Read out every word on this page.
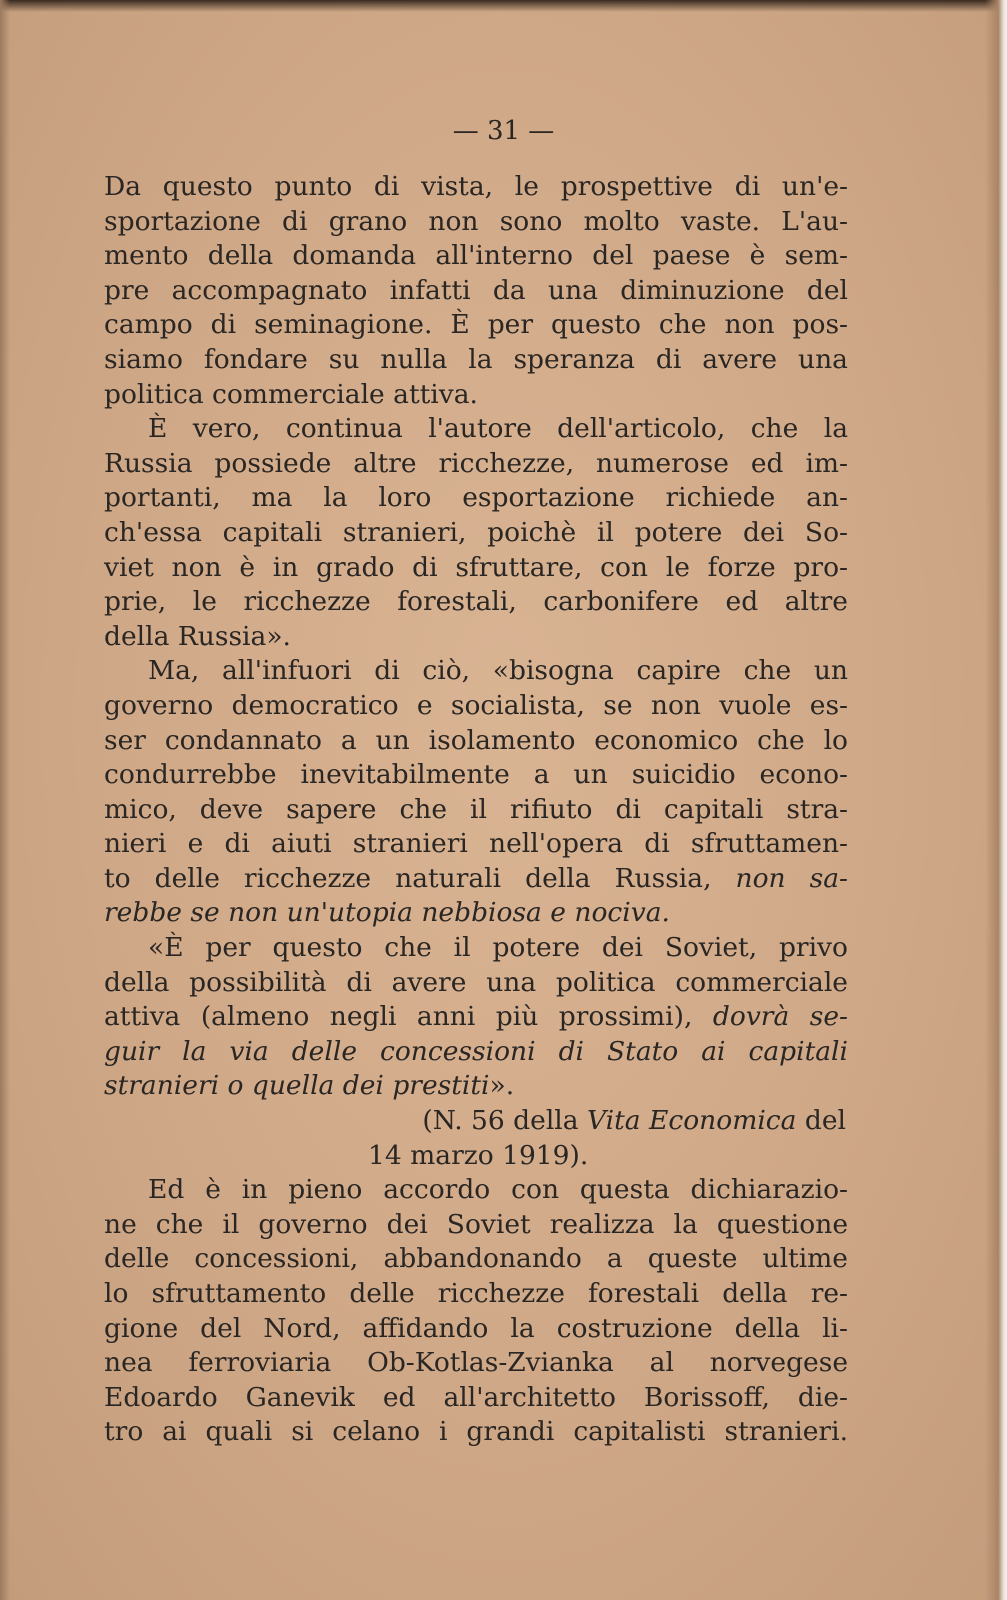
— 31 —
Da questo punto di vista, le prospettive di un'e-
sportazione di grano non sono molto vaste. L'au-
mento della domanda all'interno del paese è sem-
pre accompagnato infatti da una diminuzione del
campo di seminagione. È per questo che non pos-
siamo fondare su nulla la speranza di avere una
politica commerciale attiva.
È vero, continua l'autore dell'articolo, che la
Russia possiede altre ricchezze, numerose ed im-
portanti, ma la loro esportazione richiede an-
ch'essa capitali stranieri, poichè il potere dei So-
viet non è in grado di sfruttare, con le forze pro-
prie, le ricchezze forestali, carbonifere ed altre
della Russia».
Ma, all'infuori di ciò, «bisogna capire che un
governo democratico e socialista, se non vuole es-
ser condannato a un isolamento economico che lo
condurrebbe inevitabilmente a un suicidio econo-
mico, deve sapere che il rifiuto di capitali stra-
nieri e di aiuti stranieri nell'opera di sfruttamen-
to delle ricchezze naturali della Russia, non sa-
rebbe se non un'utopia nebbiosa e nociva.
«È per questo che il potere dei Soviet, privo
della possibilità di avere una politica commerciale
attiva (almeno negli anni più prossimi), dovrà se-
guir la via delle concessioni di Stato ai capitali
stranieri o quella dei prestiti».
(N. 56 della Vita Economica del
14 marzo 1919).
Ed è in pieno accordo con questa dichiarazio-
ne che il governo dei Soviet realizza la questione
delle concessioni, abbandonando a queste ultime
lo sfruttamento delle ricchezze forestali della re-
gione del Nord, affidando la costruzione della li-
nea ferroviaria Ob-Kotlas-Zvianka al norvegese
Edoardo Ganevik ed all'architetto Borissoff, die-
tro ai quali si celano i grandi capitalisti stranieri.
